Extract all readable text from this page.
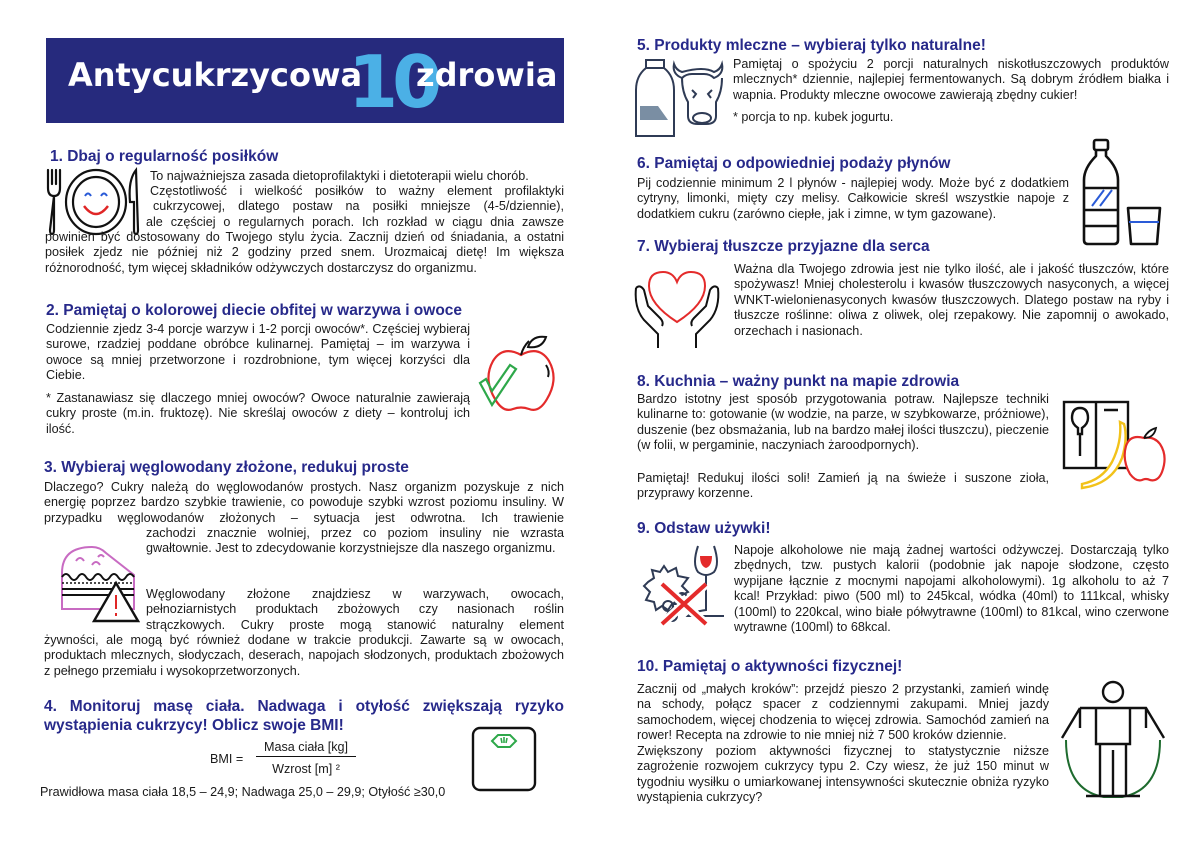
Antycukrzycowa
10
zdrowia
1. Dbaj o regularność posiłków
To najważniejsza zasada dietoprofilaktyki i dietoterapii wielu chorób.
Częstotliwość i wielkość posiłków to ważny element profilaktyki
cukrzycowej, dlatego postaw na posiłki mniejsze (4-5/dziennie),
ale częściej o regularnych porach. Ich rozkład w ciągu dnia zawsze
powinien być dostosowany do Twojego stylu życia. Zacznij dzień od śniadania, a ostatni posiłek zjedz nie później niż 2 godziny przed snem. Urozmaicaj dietę! Im większa różnorodność, tym więcej składników odżywczych dostarczysz do organizmu.
2. Pamiętaj o kolorowej diecie obfitej w warzywa i owoce
Codziennie zjedz 3-4 porcje warzyw i 1-2 porcji owoców*. Częściej wybieraj surowe, rzadziej poddane obróbce kulinarnej. Pamiętaj – im warzywa i owoce są mniej przetworzone i rozdrobnione, tym więcej korzyści dla Ciebie.
* Zastanawiasz się dlaczego mniej owoców? Owoce naturalnie zawierają cukry proste (m.in. fruktozę). Nie skreślaj owoców z diety – kontroluj ich ilość.
3. Wybieraj węglowodany złożone, redukuj proste
Dlaczego? Cukry należą do węglowodanów prostych. Nasz organizm pozyskuje z nich energię poprzez bardzo szybkie trawienie, co powoduje szybki wzrost poziomu insuliny. W przypadku węglowodanów złożonych – sytuacja jest odwrotna. Ich trawienie
zachodzi znacznie wolniej, przez co poziom insuliny nie wzrasta gwałtownie. Jest to zdecydowanie korzystniejsze dla naszego organizmu.
Węglowodany złożone znajdziesz w warzywach, owocach, pełnoziarnistych produktach zbożowych czy nasionach roślin strączkowych. Cukry proste mogą stanowić naturalny element
żywności, ale mogą być również dodane w trakcie produkcji. Zawarte są w owocach, produktach mlecznych, słodyczach, deserach, napojach słodzonych, produktach zbożowych z pełnego przemiału i wysokoprzetworzonych.
4. Monitoruj masę ciała. Nadwaga i otyłość zwiększają ryzyko
wystąpienia cukrzycy! Oblicz swoje BMI!
BMI =
Masa ciała [kg]
Wzrost [m] ²
Prawidłowa masa ciała 18,5 – 24,9; Nadwaga 25,0 – 29,9; Otyłość ≥30,0
5. Produkty mleczne – wybieraj tylko naturalne!
Pamiętaj o spożyciu 2 porcji naturalnych niskotłuszczowych produktów mlecznych* dziennie, najlepiej fermentowanych. Są dobrym źródłem białka i wapnia. Produkty mleczne owocowe zawierają zbędny cukier!
* porcja to np. kubek jogurtu.
6. Pamiętaj o odpowiedniej podaży płynów
Pij codziennie minimum 2 l płynów - najlepiej wody. Może być z dodatkiem cytryny, limonki, mięty czy melisy. Całkowicie skreśl wszystkie napoje z dodatkiem cukru (zarówno ciepłe, jak i zimne, w tym gazowane).
7. Wybieraj tłuszcze przyjazne dla serca
Ważna dla Twojego zdrowia jest nie tylko ilość, ale i jakość tłuszczów, które spożywasz! Mniej cholesterolu i kwasów tłuszczowych nasyconych, a więcej WNKT-wielonienasyconych kwasów tłuszczowych. Dlatego postaw na ryby i tłuszcze roślinne: oliwa z oliwek, olej rzepakowy. Nie zapomnij o awokado, orzechach i nasionach.
8. Kuchnia – ważny punkt na mapie zdrowia
Bardzo istotny jest sposób przygotowania potraw. Najlepsze techniki kulinarne to: gotowanie (w wodzie, na parze, w szybkowarze, próżniowe), duszenie (bez obsmażania, lub na bardzo małej ilości tłuszczu), pieczenie (w folii, w pergaminie, naczyniach żaroodpornych).
Pamiętaj! Redukuj ilości soli! Zamień ją na świeże i suszone zioła, przyprawy korzenne.
9. Odstaw używki!
Napoje alkoholowe nie mają żadnej wartości odżywczej. Dostarczają tylko zbędnych, tzw. pustych kalorii (podobnie jak napoje słodzone, często wypijane łącznie z mocnymi napojami alkoholowymi). 1g alkoholu to aż 7 kcal! Przykład: piwo (500 ml) to 245kcal, wódka (40ml) to 111kcal, whisky (100ml) to 220kcal, wino białe półwytrawne (100ml) to 81kcal, wino czerwone wytrawne (100ml) to 68kcal.
10. Pamiętaj o aktywności fizycznej!
Zacznij od „małych kroków”: przejdź pieszo 2 przystanki, zamień windę na schody, połącz spacer z codziennymi zakupami. Mniej jazdy samochodem, więcej chodzenia to więcej zdrowia. Samochód zamień na rower! Recepta na zdrowie to nie mniej niż 7 500 kroków dziennie.
Zwiększony poziom aktywności fizycznej to statystycznie niższe zagrożenie rozwojem cukrzycy typu 2. Czy wiesz, że już 150 minut w tygodniu wysiłku o umiarkowanej intensywności skutecznie obniża ryzyko wystąpienia cukrzycy?
